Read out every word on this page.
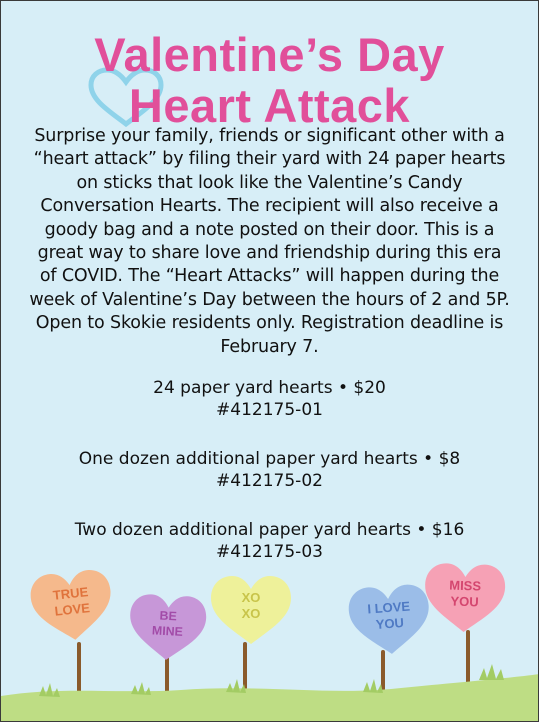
Valentine’s Day
Heart Attack
Surprise your family, friends or significant other with a “heart attack” by filing their yard with 24 paper hearts on sticks that look like the Valentine’s Candy Conversation Hearts. The recipient will also receive a goody bag and a note posted on their door. This is a great way to share love and friendship during this era of COVID. The “Heart Attacks” will happen during the week of Valentine’s Day between the hours of 2 and 5P. Open to Skokie residents only. Registration deadline is February 7.
24 paper yard hearts • $20
#412175-01
One dozen additional paper yard hearts • $8
#412175-02
Two dozen additional paper yard hearts • $16
#412175-03
TRUE
LOVE	BE
MINE
XO
XO	I LOVE
YOU
MISS
YOU
